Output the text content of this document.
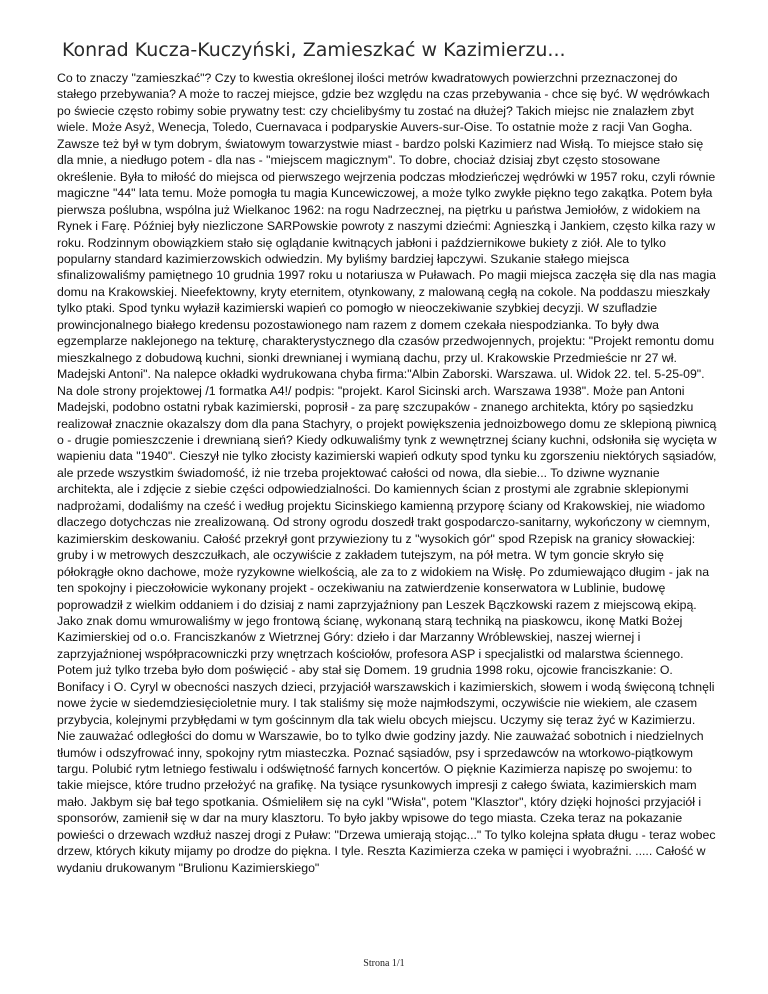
Konrad Kucza-Kuczyński, Zamieszkać w Kazimierzu...
Co to znaczy "zamieszkać"? Czy to kwestia określonej ilości metrów kwadratowych powierzchni przeznaczonej do stałego przebywania? A może to raczej miejsce, gdzie bez względu na czas przebywania - chce się być. W wędrówkach po świecie często robimy sobie prywatny test: czy chcielibyśmy tu zostać na dłużej? Takich miejsc nie znalazłem zbyt wiele. Może Asyż, Wenecja, Toledo, Cuernavaca i podparyskie Auvers-sur-Oise. To ostatnie może z racji Van Gogha. Zawsze też był w tym dobrym, światowym towarzystwie miast - bardzo polski Kazimierz nad Wisłą. To miejsce stało się dla mnie, a niedługo potem - dla nas - "miejscem magicznym". To dobre, chociaż dzisiaj zbyt często stosowane określenie. Była to miłość do miejsca od pierwszego wejrzenia podczas młodzieńczej wędrówki w 1957 roku, czyli równie magiczne "44" lata temu. Może pomogła tu magia Kuncewiczowej, a może tylko zwykłe piękno tego zakątka. Potem była pierwsza poślubna, wspólna już Wielkanoc 1962: na rogu Nadrzecznej, na piętrku u państwa Jemiołów, z widokiem na Rynek i Farę. Później były niezliczone SARPowskie powroty z naszymi dziećmi: Agnieszką i Jankiem, często kilka razy w roku. Rodzinnym obowiązkiem stało się oglądanie kwitnących jabłoni i październikowe bukiety z ziół. Ale to tylko popularny standard kazimierzowskich odwiedzin. My byliśmy bardziej łapczywi. Szukanie stałego miejsca sfinalizowaliśmy pamiętnego 10 grudnia 1997 roku u notariusza w Puławach. Po magii miejsca zaczęła się dla nas magia domu na Krakowskiej. Nieefektowny, kryty eternitem, otynkowany, z malowaną cegłą na cokole. Na poddaszu mieszkały tylko ptaki. Spod tynku wyłaził kazimierski wapień co pomogło w nieoczekiwanie szybkiej decyzji. W szufladzie prowincjonalnego białego kredensu pozostawionego nam razem z domem czekała niespodzianka. To były dwa egzemplarze naklejonego na tekturę, charakterystycznego dla czasów przedwojennych, projektu: "Projekt remontu domu mieszkalnego z dobudową kuchni, sionki drewnianej i wymianą dachu, przy ul. Krakowskie Przedmieście nr 27 wł. Madejski Antoni". Na nalepce okładki wydrukowana chyba firma:"Albin Zaborski. Warszawa. ul. Widok 22. tel. 5-25-09". Na dole strony projektowej /1 formatka A4!/ podpis: "projekt. Karol Sicinski arch. Warszawa 1938". Może pan Antoni Madejski, podobno ostatni rybak kazimierski, poprosił - za parę szczupaków - znanego architekta, który po sąsiedzku realizował znacznie okazalszy dom dla pana Stachyry, o projekt powiększenia jednoizbowego domu ze sklepioną piwnicą o - drugie pomieszczenie i drewnianą sień? Kiedy odkuwaliśmy tynk z wewnętrznej ściany kuchni, odsłoniła się wycięta w wapieniu data "1940". Cieszył nie tylko złocisty kazimierski wapień odkuty spod tynku ku zgorszeniu niektórych sąsiadów, ale przede wszystkim świadomość, iż nie trzeba projektować całości od nowa, dla siebie... To dziwne wyznanie architekta, ale i zdjęcie z siebie części odpowiedzialności. Do kamiennych ścian z prostymi ale zgrabnie sklepionymi nadprożami, dodaliśmy na cześć i według projektu Sicinskiego kamienną przyporę ściany od Krakowskiej, nie wiadomo dlaczego dotychczas nie zrealizowaną. Od strony ogrodu doszedł trakt gospodarczo-sanitarny, wykończony w ciemnym, kazimierskim deskowaniu. Całość przekrył gont przywieziony tu z "wysokich gór" spod Rzepisk na granicy słowackiej: gruby i w metrowych deszczułkach, ale oczywiście z zakładem tutejszym, na pół metra. W tym goncie skryło się półokrągłe okno dachowe, może ryzykowne wielkością, ale za to z widokiem na Wisłę. Po zdumiewająco długim - jak na ten spokojny i pieczołowicie wykonany projekt - oczekiwaniu na zatwierdzenie konserwatora w Lublinie, budowę poprowadził z wielkim oddaniem i do dzisiaj z nami zaprzyjaźniony pan Leszek Bączkowski razem z miejscową ekipą. Jako znak domu wmurowaliśmy w jego frontową ścianę, wykonaną starą techniką na piaskowcu, ikonę Matki Bożej Kazimierskiej od o.o. Franciszkanów z Wietrznej Góry: dzieło i dar Marzanny Wróblewskiej, naszej wiernej i zaprzyjaźnionej współpracowniczki przy wnętrzach kościołów, profesora ASP i specjalistki od malarstwa ściennego. Potem już tylko trzeba było dom poświęcić - aby stał się Domem. 19 grudnia 1998 roku, ojcowie franciszkanie: O. Bonifacy i O. Cyryl w obecności naszych dzieci, przyjaciół warszawskich i kazimierskich, słowem i wodą święconą tchnęli nowe życie w siedemdziesięcioletnie mury. I tak staliśmy się może najmłodszymi, oczywiście nie wiekiem, ale czasem przybycia, kolejnymi przybłędami w tym gościnnym dla tak wielu obcych miejscu. Uczymy się teraz żyć w Kazimierzu. Nie zauważać odległości do domu w Warszawie, bo to tylko dwie godziny jazdy. Nie zauważać sobotnich i niedzielnych tłumów i odszyfrować inny, spokojny rytm miasteczka. Poznać sąsiadów, psy i sprzedawców na wtorkowo-piątkowym targu. Polubić rytm letniego festiwalu i odświętność farnych koncertów. O pięknie Kazimierza napiszę po swojemu: to takie miejsce, które trudno przełożyć na grafikę. Na tysiące rysunkowych impresji z całego świata, kazimierskich mam mało. Jakbym się bał tego spotkania. Ośmieliłem się na cykl "Wisła", potem "Klasztor", który dzięki hojności przyjaciół i sponsorów, zamienił się w dar na mury klasztoru. To było jakby wpisowe do tego miasta. Czeka teraz na pokazanie powieści o drzewach wzdłuż naszej drogi z Puław: "Drzewa umierają stojąc..." To tylko kolejna spłata długu - teraz wobec drzew, których kikuty mijamy po drodze do piękna. I tyle. Reszta Kazimierza czeka w pamięci i wyobraźni. ..... Całość w wydaniu drukowanym "Brulionu Kazimierskiego"
Strona 1/1
